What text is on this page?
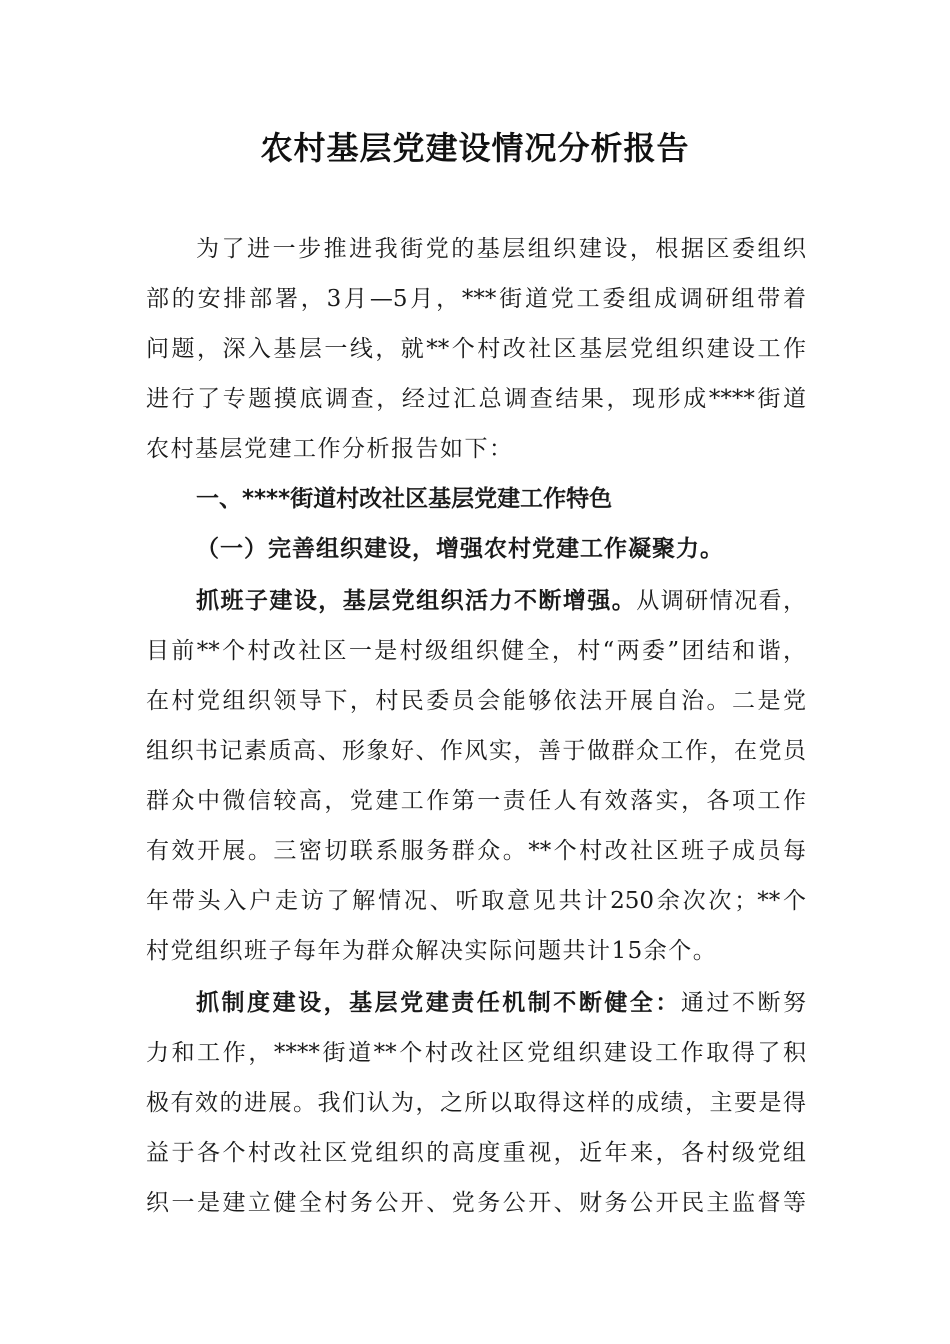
农村基层党建设情况分析报告
为了进一步推进我街党的基层组织建设，根据区委组织
部的安排部署，3月—5月，***街道党工委组成调研组带着
问题，深入基层一线，就**个村改社区基层党组织建设工作
进行了专题摸底调查，经过汇总调查结果，现形成****街道
农村基层党建工作分析报告如下：
一、****街道村改社区基层党建工作特色
（一）完善组织建设，增强农村党建工作凝聚力。
抓班子建设，基层党组织活力不断增强。从调研情况看，
目前**个村改社区一是村级组织健全，村“两委”团结和谐，
在村党组织领导下，村民委员会能够依法开展自治。二是党
组织书记素质高、形象好、作风实，善于做群众工作，在党员
群众中微信较高，党建工作第一责任人有效落实，各项工作
有效开展。三密切联系服务群众。**个村改社区班子成员每
年带头入户走访了解情况、听取意见共计250余次次；**个
村党组织班子每年为群众解决实际问题共计15余个。
抓制度建设，基层党建责任机制不断健全：通过不断努
力和工作，****街道**个村改社区党组织建设工作取得了积
极有效的进展。我们认为，之所以取得这样的成绩，主要是得
益于各个村改社区党组织的高度重视，近年来，各村级党组
织一是建立健全村务公开、党务公开、财务公开民主监督等
